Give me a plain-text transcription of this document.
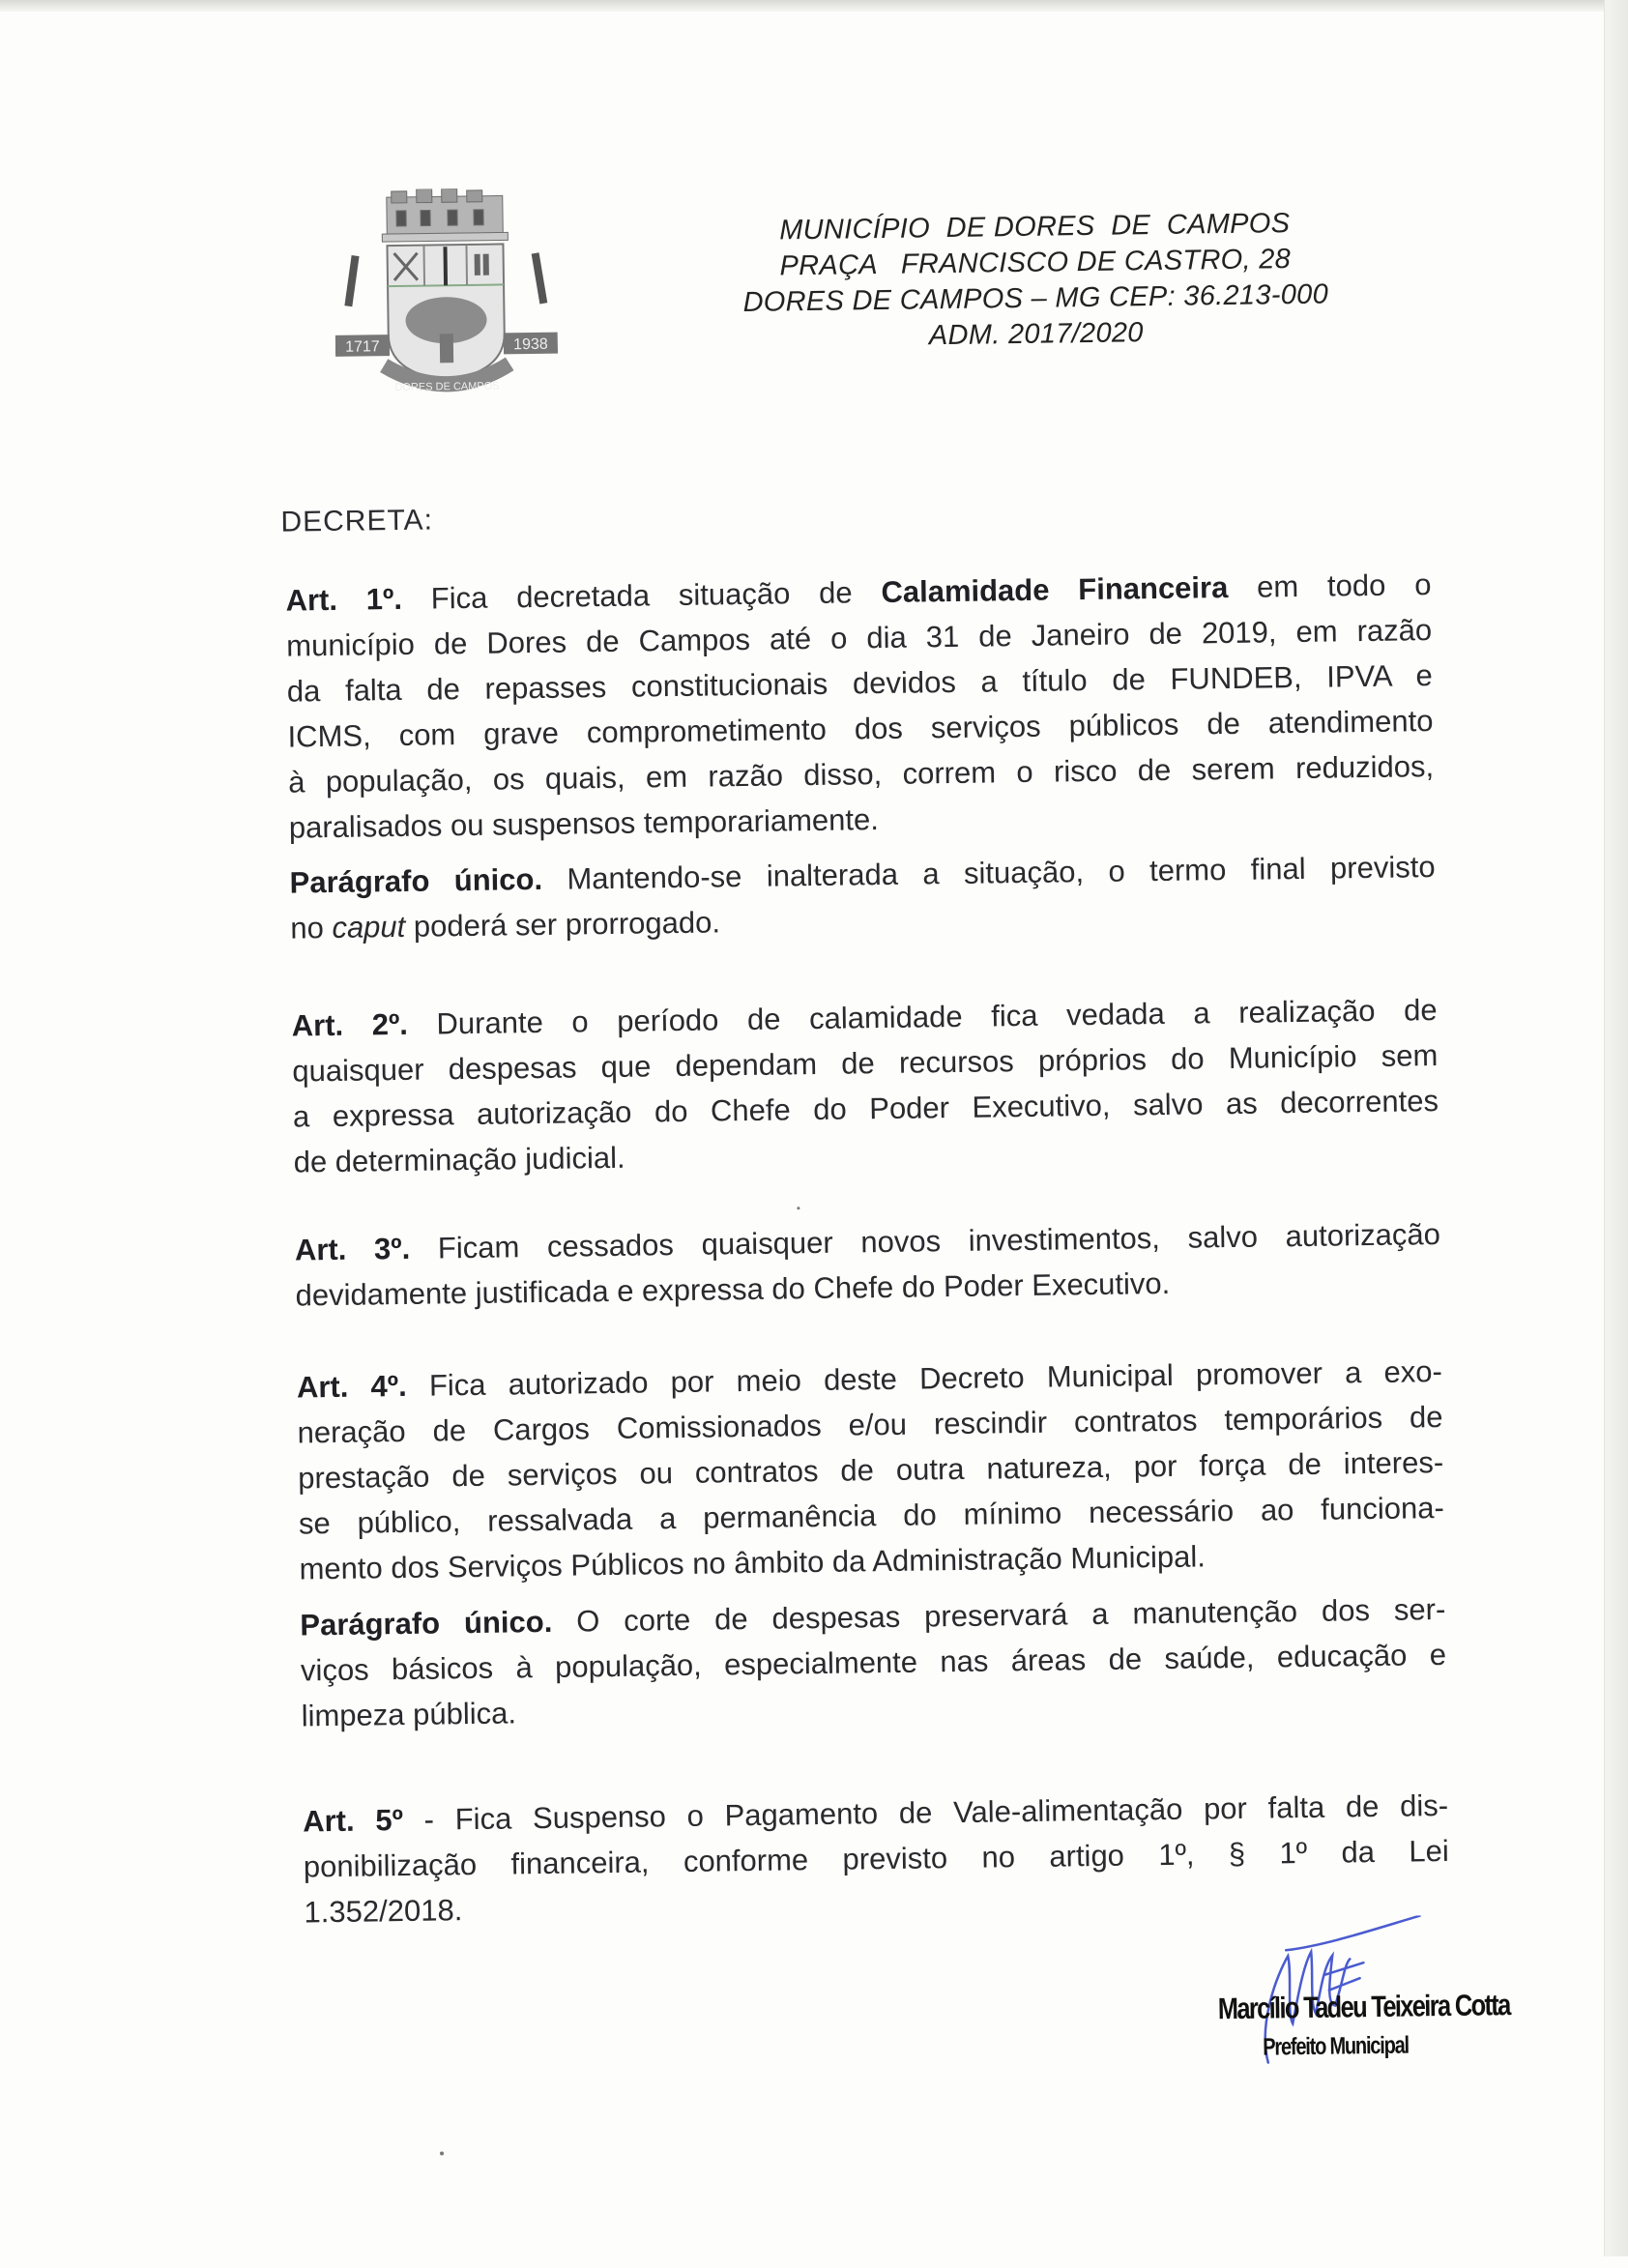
1717	1938
DORES DE CAMPOS
MUNICÍPIO  DE DORES  DE  CAMPOS
PRAÇA   FRANCISCO DE CASTRO, 28
DORES DE CAMPOS – MG CEP: 36.213-000
ADM. 2017/2020
DECRETA:
Art. 1º. Fica decretada situação de Calamidade Financeira em todo o
município de Dores de Campos até o dia 31 de Janeiro de 2019, em razão
da falta de repasses constitucionais devidos a título de FUNDEB, IPVA e
ICMS, com grave comprometimento dos serviços públicos de atendimento
à população, os quais, em razão disso, correm o risco de serem reduzidos,
paralisados ou suspensos temporariamente.
Parágrafo único. Mantendo-se inalterada a situação, o termo final previsto
no caput poderá ser prorrogado.
Art. 2º. Durante o período de calamidade fica vedada a realização de
quaisquer despesas que dependam de recursos próprios do Município sem
a expressa autorização do Chefe do Poder Executivo, salvo as decorrentes
de determinação judicial.
Art. 3º. Ficam cessados quaisquer novos investimentos, salvo autorização
devidamente justificada e expressa do Chefe do Poder Executivo.
Art. 4º. Fica autorizado por meio deste Decreto Municipal promover a exo-
neração de Cargos Comissionados e/ou rescindir contratos temporários de
prestação de serviços ou contratos de outra natureza, por força de interes-
se público, ressalvada a permanência do mínimo necessário ao funciona-
mento dos Serviços Públicos no âmbito da Administração Municipal.
Parágrafo único. O corte de despesas preservará a manutenção dos ser-
viços básicos à população, especialmente nas áreas de saúde, educação e
limpeza pública.
Art. 5º - Fica Suspenso o Pagamento de Vale-alimentação por falta de dis-
ponibilização financeira, conforme previsto no artigo 1º, § 1º da Lei
1.352/2018.
Marcílio Tadeu Teixeira Cotta
Prefeito Municipal
